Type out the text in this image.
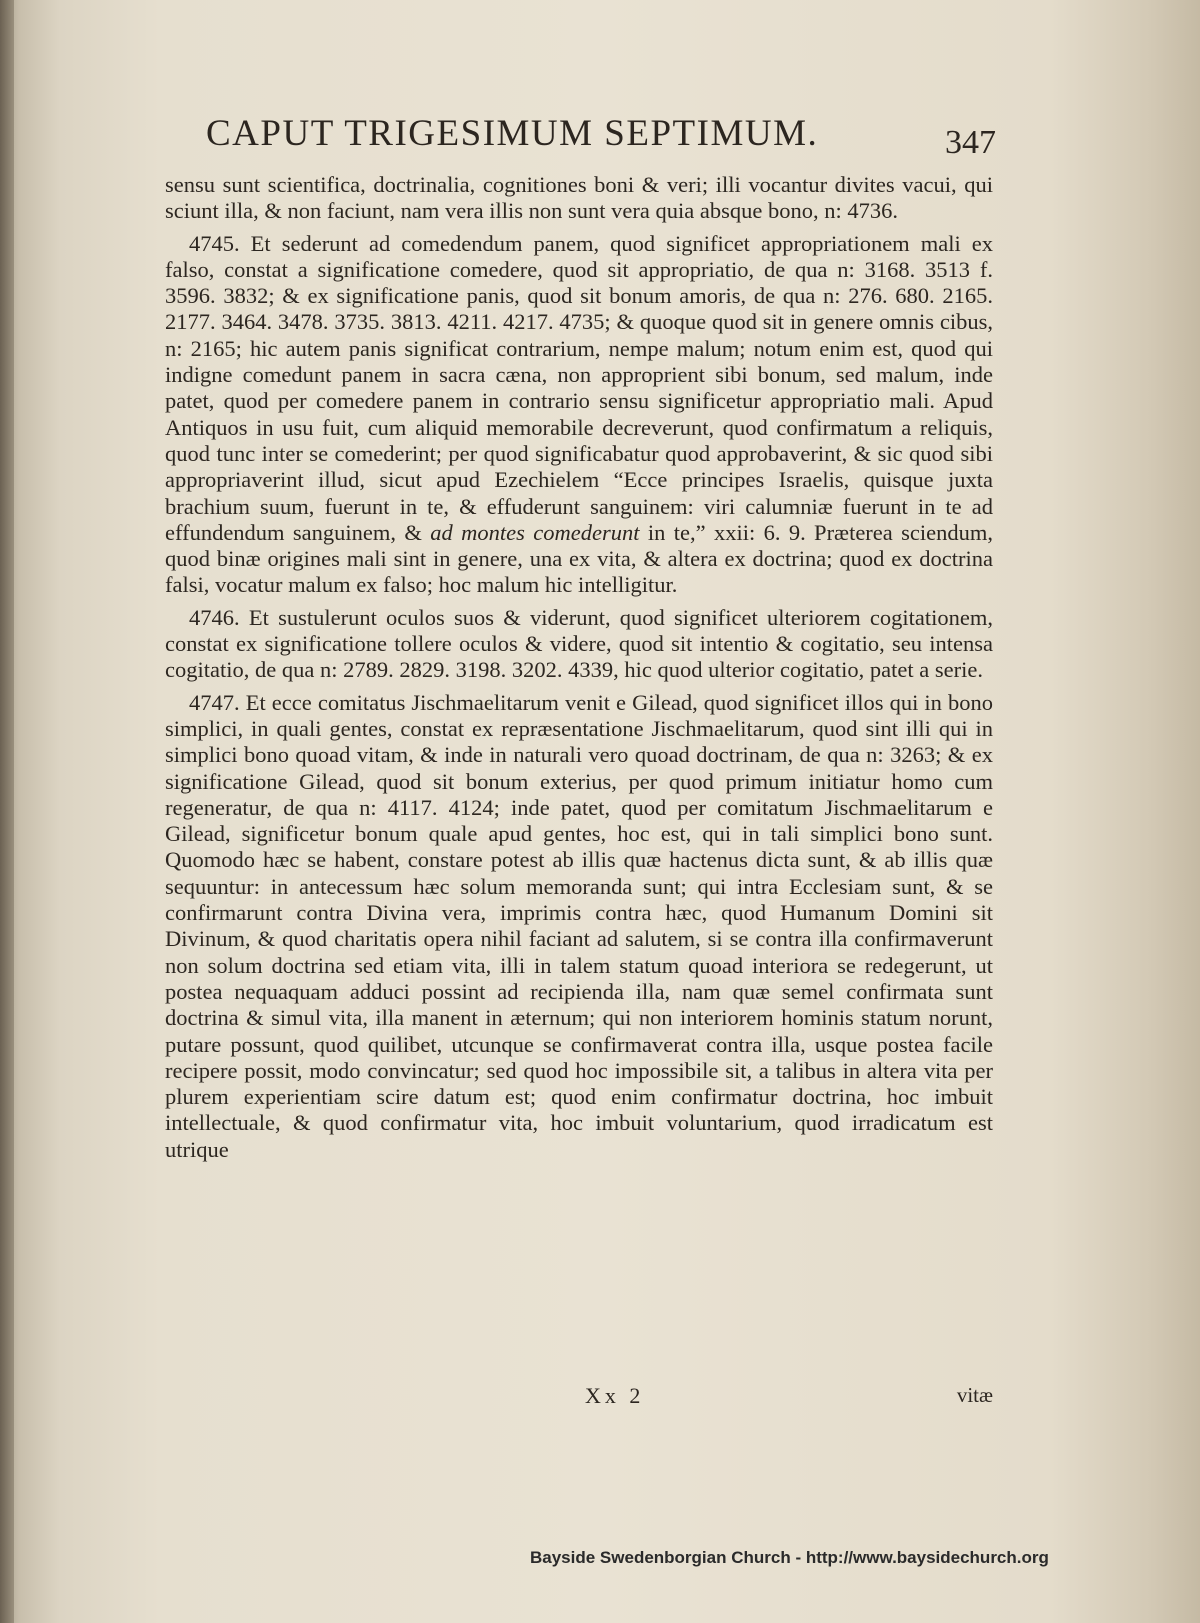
CAPUT TRIGESIMUM SEPTIMUM.	347

sensu sunt scientifica, doctrinalia, cognitiones boni & veri; illi vocantur divites vacui, qui sciunt illa, & non faciunt, nam vera illis non sunt vera quia absque bono, n: 4736.

4745. Et sederunt ad comedendum panem, quod significet appropriationem mali ex falso, constat a significatione comedere, quod sit appropriatio, de qua n: 3168. 3513 f. 3596. 3832; & ex significatione panis, quod sit bonum amoris, de qua n: 276. 680. 2165. 2177. 3464. 3478. 3735. 3813. 4211. 4217. 4735; & quoque quod sit in genere omnis cibus, n: 2165; hic autem panis significat contrarium, nempe malum; notum enim est, quod qui indigne comedunt panem in sacra cæna, non approprient sibi bonum, sed malum, inde patet, quod per comedere panem in contrario sensu significetur appropriatio mali. Apud Antiquos in usu fuit, cum aliquid memorabile decreverunt, quod confirmatum a reliquis, quod tunc inter se comederint; per quod significabatur quod approbaverint, & sic quod sibi appropriaverint illud, sicut apud Ezechielem “Ecce principes Israelis, quisque juxta brachium suum, fuerunt in te, & effuderunt sanguinem: viri calumniæ fuerunt in te ad effundendum sanguinem, & ad montes comederunt in te,” xxii: 6. 9. Præterea sciendum, quod binæ origines mali sint in genere, una ex vita, & altera ex doctrina; quod ex doctrina falsi, vocatur malum ex falso; hoc malum hic intelligitur.

4746. Et sustulerunt oculos suos & viderunt, quod significet ulteriorem cogitationem, constat ex significatione tollere oculos & videre, quod sit intentio & cogitatio, seu intensa cogitatio, de qua n: 2789. 2829. 3198. 3202. 4339, hic quod ulterior cogitatio, patet a serie.

4747. Et ecce comitatus Jischmaelitarum venit e Gilead, quod significet illos qui in bono simplici, in quali gentes, constat ex repræsentatione Jischmaelitarum, quod sint illi qui in simplici bono quoad vitam, & inde in naturali vero quoad doctrinam, de qua n: 3263; & ex significatione Gilead, quod sit bonum exterius, per quod primum initiatur homo cum regeneratur, de qua n: 4117. 4124; inde patet, quod per comitatum Jischmaelitarum e Gilead, significetur bonum quale apud gentes, hoc est, qui in tali simplici bono sunt. Quomodo hæc se habent, constare potest ab illis quæ hactenus dicta sunt, & ab illis quæ sequuntur: in antecessum hæc solum memoranda sunt; qui intra Ecclesiam sunt, & se confirmarunt contra Divina vera, imprimis contra hæc, quod Humanum Domini sit Divinum, & quod charitatis opera nihil faciant ad salutem, si se contra illa confirmaverunt non solum doctrina sed etiam vita, illi in talem statum quoad interiora se redegerunt, ut postea nequaquam adduci possint ad recipienda illa, nam quæ semel confirmata sunt doctrina & simul vita, illa manent in æternum; qui non interiorem hominis statum norunt, putare possunt, quod quilibet, utcunque se confirmaverat contra illa, usque postea facile recipere possit, modo convincatur; sed quod hoc impossibile sit, a talibus in altera vita per plurem experientiam scire datum est; quod enim confirmatur doctrina, hoc imbuit intellectuale, & quod confirmatur vita, hoc imbuit voluntarium, quod irradicatum est utrique

Xx 2	vitæ
Bayside Swedenborgian Church - http://www.baysidechurch.org
